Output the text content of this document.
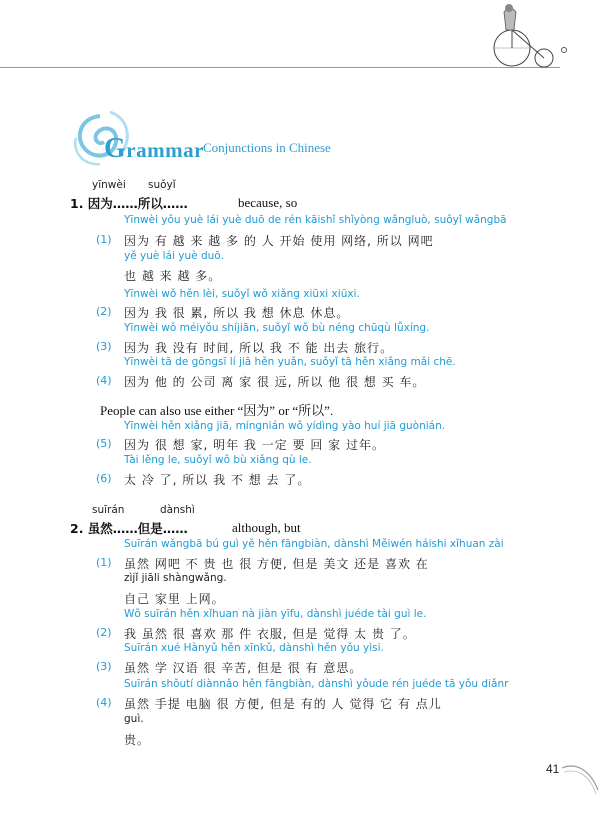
Grammar Conjunctions in Chinese
yīnwèi suǒyǐ
1. 因为……所以……	because, so
Yīnwèi yǒu yuè lái yuè duō de rén kāishǐ shǐyòng wǎngluò, suǒyǐ wǎngbā
(1) 因为 有 越 来 越 多 的 人 开始 使用 网络, 所以 网吧
yě yuè lái yuè duō.
也 越 来 越 多。
Yīnwèi wǒ hěn lèi, suǒyǐ wǒ xiǎng xiūxi xiūxi.
(2) 因为 我 很 累, 所以 我 想 休息 休息。
Yīnwèi wǒ méiyǒu shíjiān, suǒyǐ wǒ bù néng chūqù lǚxíng.
(3) 因为 我 没有 时间, 所以 我 不 能 出去 旅行。
Yīnwèi tā de gōngsī lí jiā hěn yuǎn, suǒyǐ tā hěn xiǎng mǎi chē.
(4) 因为 他 的 公司 离 家 很 远, 所以 他 很 想 买 车。
People can also use either “因为” or “所以”.
Yīnwèi hěn xiǎng jiā, míngnián wǒ yídìng yào huí jiā guònián.
(5) 因为 很 想 家, 明年 我 一定 要 回 家 过年。
Tài lěng le, suǒyǐ wǒ bù xiǎng qù le.
(6) 太 冷 了, 所以 我 不 想 去 了。
suīrán	dànshì
2. 虽然……但是……	although, but
Suīrán wǎngbā bú guì yě hěn fāngbiàn, dànshì Měiwén háishi xǐhuan zài
(1) 虽然 网吧 不 贵 也 很 方便, 但是 美文 还是 喜欢 在
zìjǐ jiāli shàngwǎng.
自己 家里 上网。
Wǒ suīrán hěn xǐhuan nà jiàn yīfu, dànshì juéde tài guì le.
(2) 我 虽然 很 喜欢 那 件 衣服, 但是 觉得 太 贵 了。
Suīrán xué Hànyǔ hěn xīnkǔ, dànshì hěn yǒu yìsi.
(3) 虽然 学 汉语 很 辛苦, 但是 很 有 意思。
Suīrán shǒutí diànnǎo hěn fāngbiàn, dànshì yǒude rén juéde tā yǒu diǎnr
(4) 虽然 手提 电脑 很 方便, 但是 有的 人 觉得 它 有 点儿
guì.
贵。
41
